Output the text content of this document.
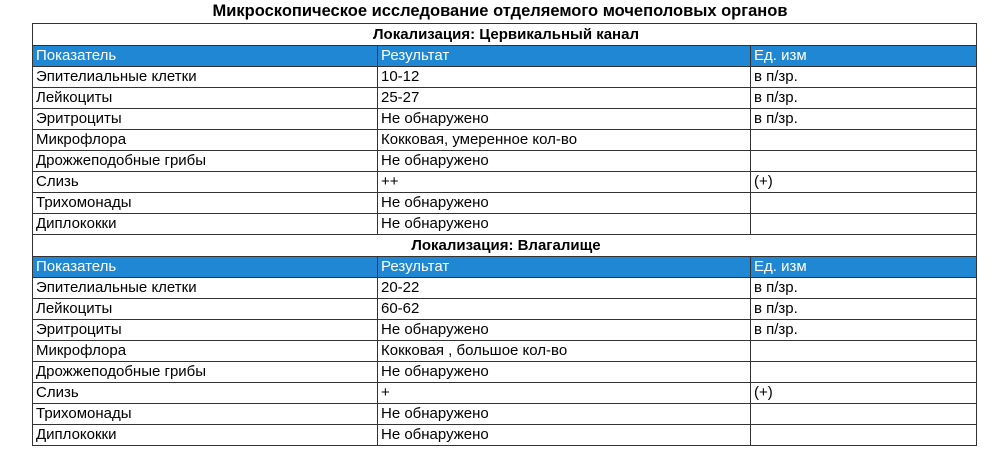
Микроскопическое исследование отделяемого мочеполовых органов
Локализация: Цервикальный канал		
Показатель	Результат	Ед. изм
Эпителиальные клетки	10-12	в п/зр.
Лейкоциты	25-27	в п/зр.
Эритроциты	Не обнаружено	в п/зр.
Микрофлора	Кокковая, умеренное кол-во	
Дрожжеподобные грибы	Не обнаружено	
Слизь	++	(+)
Трихомонады	Не обнаружено	
Диплококки	Не обнаружено	
Локализация: Влагалище		
Показатель	Результат	Ед. изм
Эпителиальные клетки	20-22	в п/зр.
Лейкоциты	60-62	в п/зр.
Эритроциты	Не обнаружено	в п/зр.
Микрофлора	Кокковая , большое кол-во	
Дрожжеподобные грибы	Не обнаружено	
Слизь	+	(+)
Трихомонады	Не обнаружено	
Диплококки	Не обнаружено	
